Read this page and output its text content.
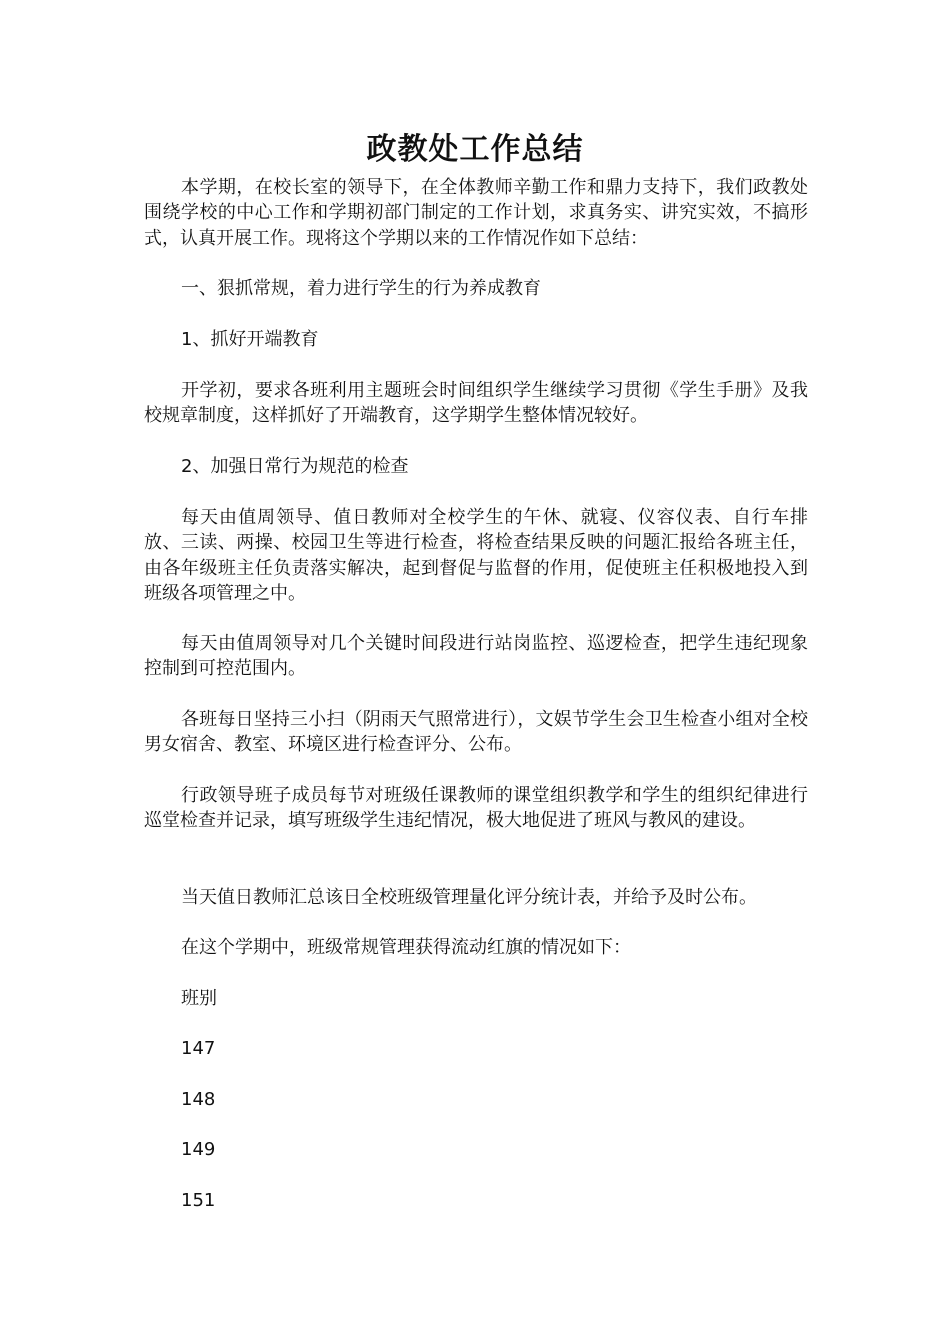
政教处工作总结

本学期，在校长室的领导下，在全体教师辛勤工作和鼎力支持下，我们政教处围绕学校的中心工作和学期初部门制定的工作计划，求真务实、讲究实效，不搞形式，认真开展工作。现将这个学期以来的工作情况作如下总结：

一、狠抓常规，着力进行学生的行为养成教育

1、抓好开端教育

开学初，要求各班利用主题班会时间组织学生继续学习贯彻《学生手册》及我校规章制度，这样抓好了开端教育，这学期学生整体情况较好。

2、加强日常行为规范的检查

每天由值周领导、值日教师对全校学生的午休、就寝、仪容仪表、自行车排放、三读、两操、校园卫生等进行检查，将检查结果反映的问题汇报给各班主任，由各年级班主任负责落实解决，起到督促与监督的作用，促使班主任积极地投入到班级各项管理之中。

每天由值周领导对几个关键时间段进行站岗监控、巡逻检查，把学生违纪现象控制到可控范围内。

各班每日坚持三小扫（阴雨天气照常进行），文娱节学生会卫生检查小组对全校男女宿舍、教室、环境区进行检查评分、公布。

行政领导班子成员每节对班级任课教师的课堂组织教学和学生的组织纪律进行巡堂检查并记录，填写班级学生违纪情况，极大地促进了班风与教风的建设。

当天值日教师汇总该日全校班级管理量化评分统计表，并给予及时公布。

在这个学期中，班级常规管理获得流动红旗的情况如下：

班别

147

148

149

151
